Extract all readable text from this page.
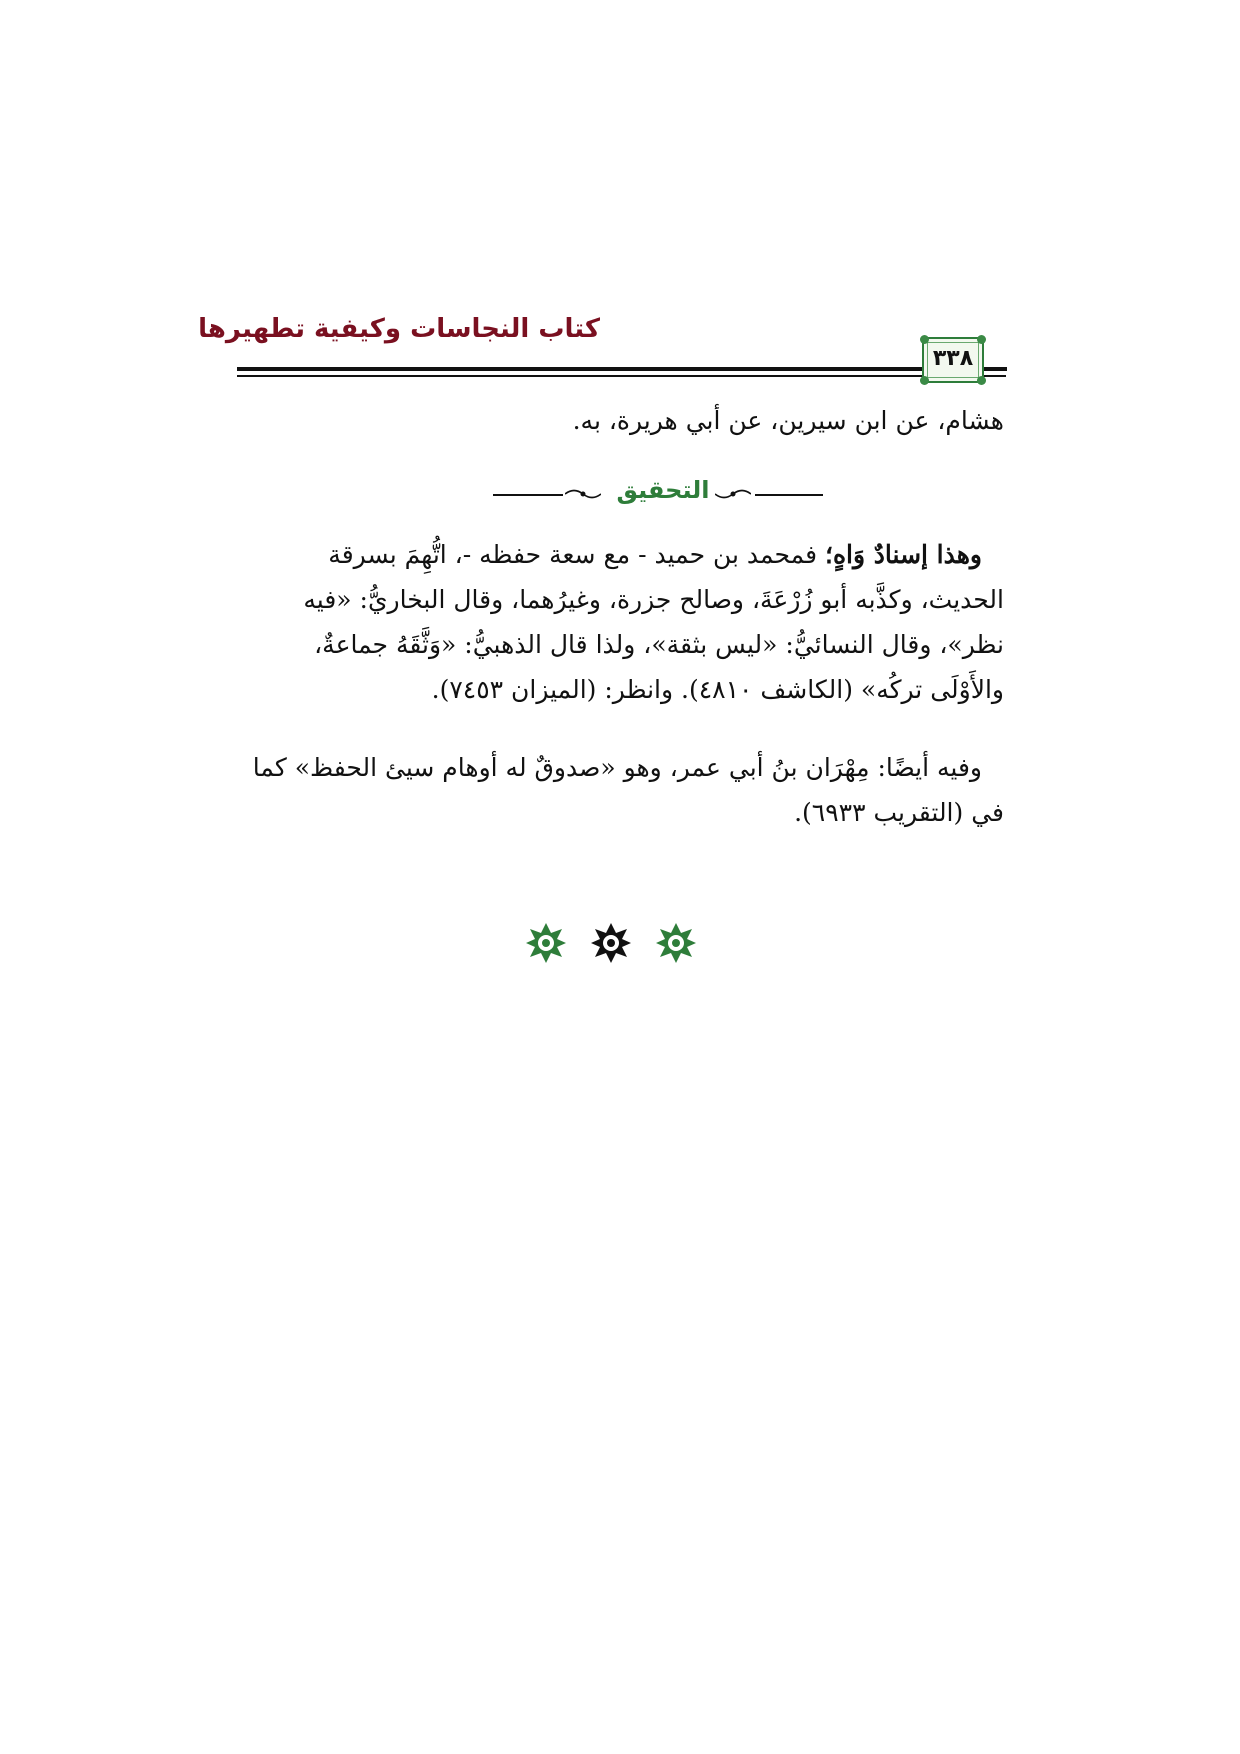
كتاب النجاسات وكيفية تطهيرها
٣٣٨
هشام، عن ابن سيرين، عن أبي هريرة، به.
التحقيق
وهذا إسنادٌ وَاهٍ؛ فمحمد بن حميد - مع سعة حفظه -، اتُّهِمَ بسرقة
الحديث، وكذَّبه أبو زُرْعَةَ، وصالح جزرة، وغيرُهما، وقال البخاريُّ: «فيه
نظر»، وقال النسائيُّ: «ليس بثقة»، ولذا قال الذهبيُّ: «وَثَّقَهُ جماعةٌ،
والأَوْلَى تركُه» (الكاشف ٤٨١٠). وانظر: (الميزان ٧٤٥٣).
وفيه أيضًا: مِهْرَان بنُ أبي عمر، وهو «صدوقٌ له أوهام سيئ الحفظ» كما
في (التقريب ٦٩٣٣).
